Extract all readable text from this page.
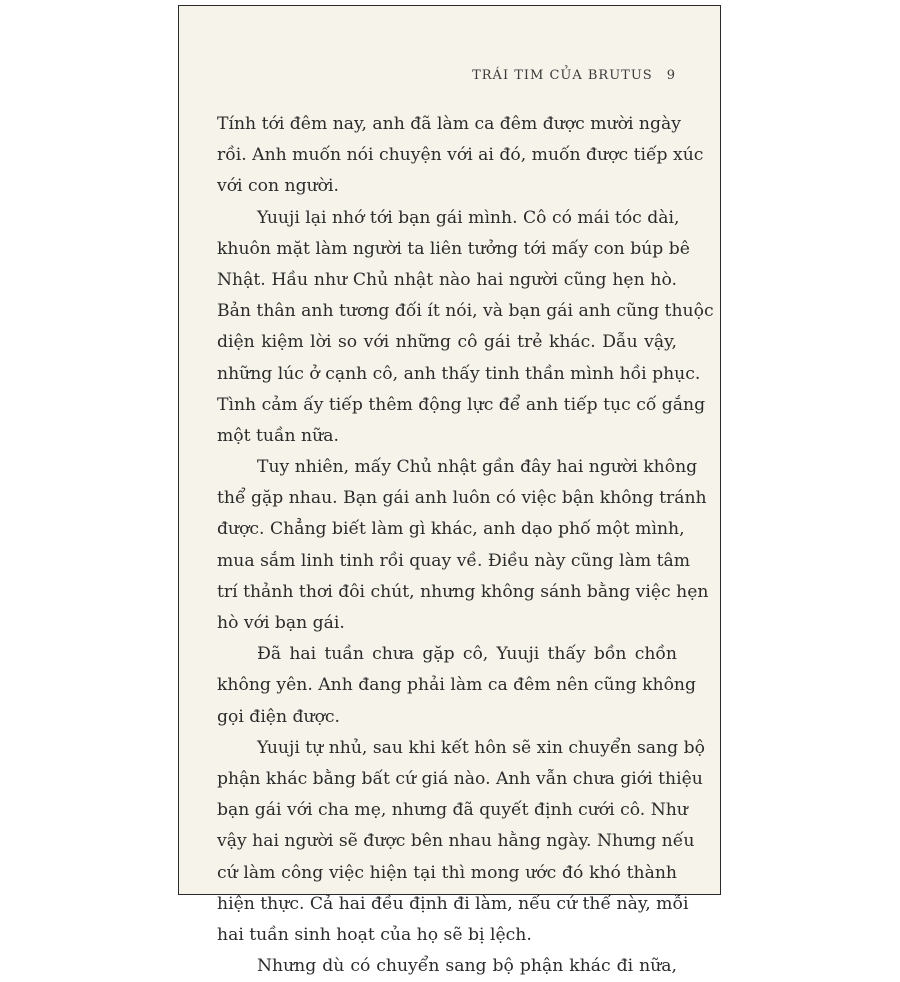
TRÁI TIM CỦA BRUTUS 9
Tính tới đêm nay, anh đã làm ca đêm được mười ngày
rồi. Anh muốn nói chuyện với ai đó, muốn được tiếp xúc
với con người.
Yuuji lại nhớ tới bạn gái mình. Cô có mái tóc dài,
khuôn mặt làm người ta liên tưởng tới mấy con búp bê
Nhật. Hầu như Chủ nhật nào hai người cũng hẹn hò.
Bản thân anh tương đối ít nói, và bạn gái anh cũng thuộc
diện kiệm lời so với những cô gái trẻ khác. Dẫu vậy,
những lúc ở cạnh cô, anh thấy tinh thần mình hồi phục.
Tình cảm ấy tiếp thêm động lực để anh tiếp tục cố gắng
một tuần nữa.
Tuy nhiên, mấy Chủ nhật gần đây hai người không
thể gặp nhau. Bạn gái anh luôn có việc bận không tránh
được. Chẳng biết làm gì khác, anh dạo phố một mình,
mua sắm linh tinh rồi quay về. Điều này cũng làm tâm
trí thảnh thơi đôi chút, nhưng không sánh bằng việc hẹn
hò với bạn gái.
Đã hai tuần chưa gặp cô, Yuuji thấy bồn chồn
không yên. Anh đang phải làm ca đêm nên cũng không
gọi điện được.
Yuuji tự nhủ, sau khi kết hôn sẽ xin chuyển sang bộ
phận khác bằng bất cứ giá nào. Anh vẫn chưa giới thiệu
bạn gái với cha mẹ, nhưng đã quyết định cưới cô. Như
vậy hai người sẽ được bên nhau hằng ngày. Nhưng nếu
cứ làm công việc hiện tại thì mong ước đó khó thành
hiện thực. Cả hai đều định đi làm, nếu cứ thế này, mỗi
hai tuần sinh hoạt của họ sẽ bị lệch.
Nhưng dù có chuyển sang bộ phận khác đi nữa,
